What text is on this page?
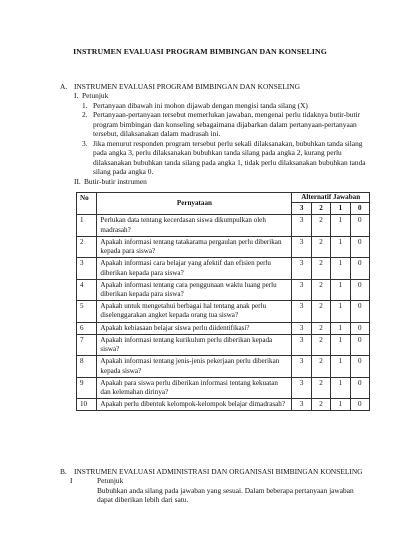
INSTRUMEN EVALUASI PROGRAM BIMBINGAN DAN KONSELING
A. INSTRUMEN EVALUASI PROGRAM BIMBINGAN DAN KONSELING
I. Petunjuk
1. Pertanyaan dibawah ini mohon dijawab dengan mengisi tanda silang (X)
2. Pertanyaan-pertanyaan tersebut memerlukan jawaban, mengenai perlu tidaknya butir-butir program bimbingan dan konseling sebagaimana dijabarkan dalam pertanyaan-pertanyaan tersebut, dilaksanakan dalam madrasah ini.
3. Jika menurut responden program tersebut perlu sekali dilaksanakan, bubuhkan tanda silang pada angka 3, perlu dilaksanakan bubuhkan tanda silang pada angka 2, kurang perlu dilaksanakan bubuhkan tanda silang pada angka 1, tidak perlu dilaksanakan bubuhkan tanda silang pada angka 0.
II. Butir-butir instrumen
No	Pernyataan	Alternatif Jawaban			
		3	2	1	0
1	Perlukan data tentang kecerdasan siswa dikumpulkan oleh madrasah?	3	2	1	0
2	Apakah informasi tentang tatakarama pergaulan perlu diberikan kepada para siswa?	3	2	1	0
3	Apakah informasi cara belajar yang afektif dan efisien perlu diberikan kepada para siswa?	3	2	1	0
4	Apakah informasi tentang cara penggunaan waktu luang perlu diberikan kepada para siswa?	3	2	1	0
5	Apakah untuk mengetahui berbagai hal tentang anak perlu diselenggarakan angket kepada orang tua siswa?	3	2	1	0
6	Apakah kebiasaan belajar siswa perlu diidentifikasi?	3	2	1	0
7	Apakah informasi tentang kurikulum perlu diberikan kepada siswa?	3	2	1	0
8	Apakah informasi tentang jenis-jenis pekerjaan perlu diberikan kepada siswa?	3	2	1	0
9	Apakah para siswa perlu diberikan informasi tentang kekuatan dan kelemahan dirinya?	3	2	1	0
10	Apakah perlu dibentuk kelompok-kelompok belajar dimadrasah?	3	2	1	0
B. INSTRUMEN EVALUASI ADMINISTRASI DAN ORGANISASI BIMBINGAN KONSELING
I	Petunjuk
Bubuhkan anda silang pada jawaban yang sesuai. Dalam beberapa pertanyaan jawaban dapat diberikan lebih dari satu.
